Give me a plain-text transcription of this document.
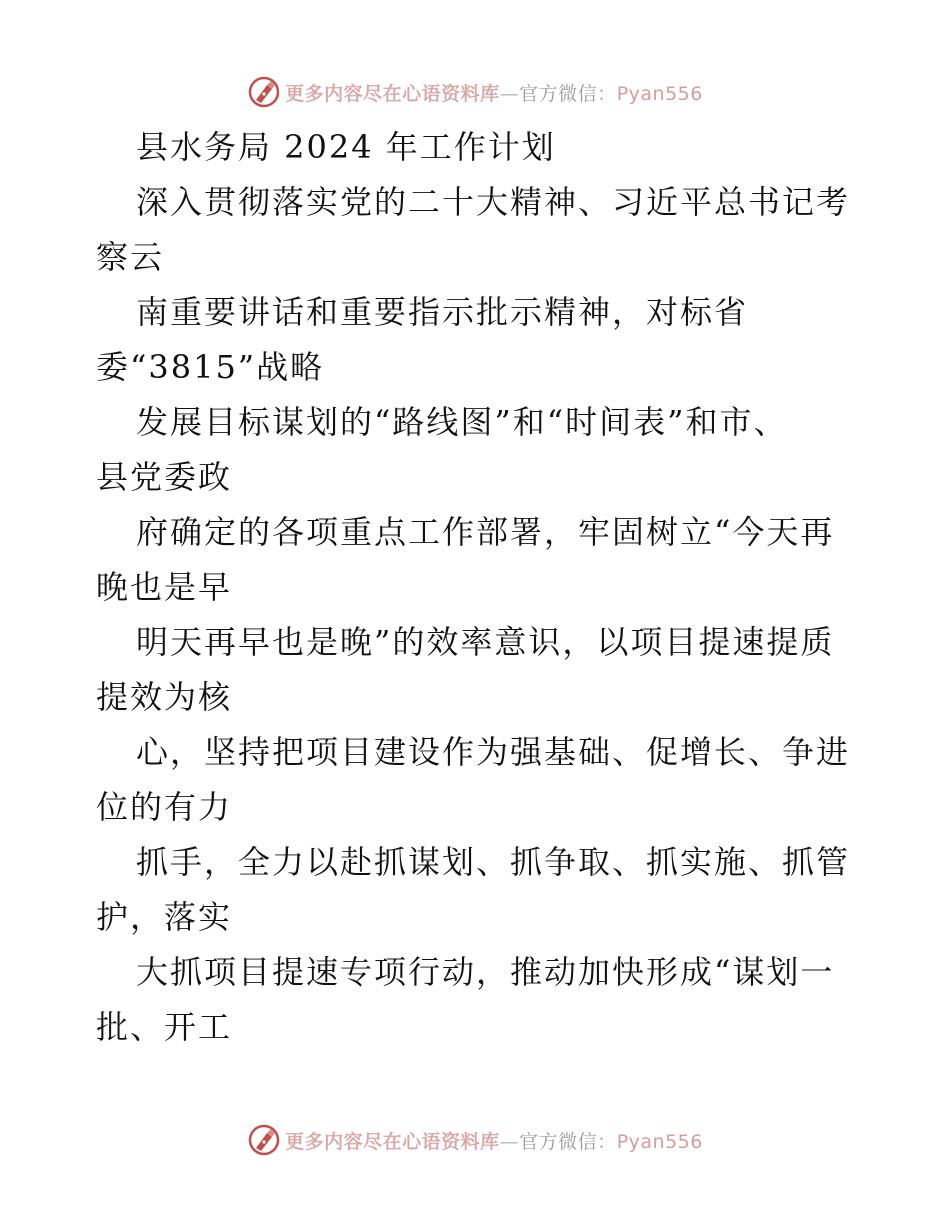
更多内容尽在心语资料库—官方微信：Pyan556
县水务局 2024 年工作计划
深入贯彻落实党的二十大精神、习近平总书记考
察云
南重要讲话和重要指示批示精神，对标省
委“3815”战略
发展目标谋划的“路线图”和“时间表”和市、
县党委政
府确定的各项重点工作部署，牢固树立“今天再
晚也是早
明天再早也是晚”的效率意识，以项目提速提质
提效为核
心，坚持把项目建设作为强基础、促增长、争进
位的有力
抓手，全力以赴抓谋划、抓争取、抓实施、抓管
护，落实
大抓项目提速专项行动，推动加快形成“谋划一
批、开工
更多内容尽在心语资料库—官方微信：Pyan556
